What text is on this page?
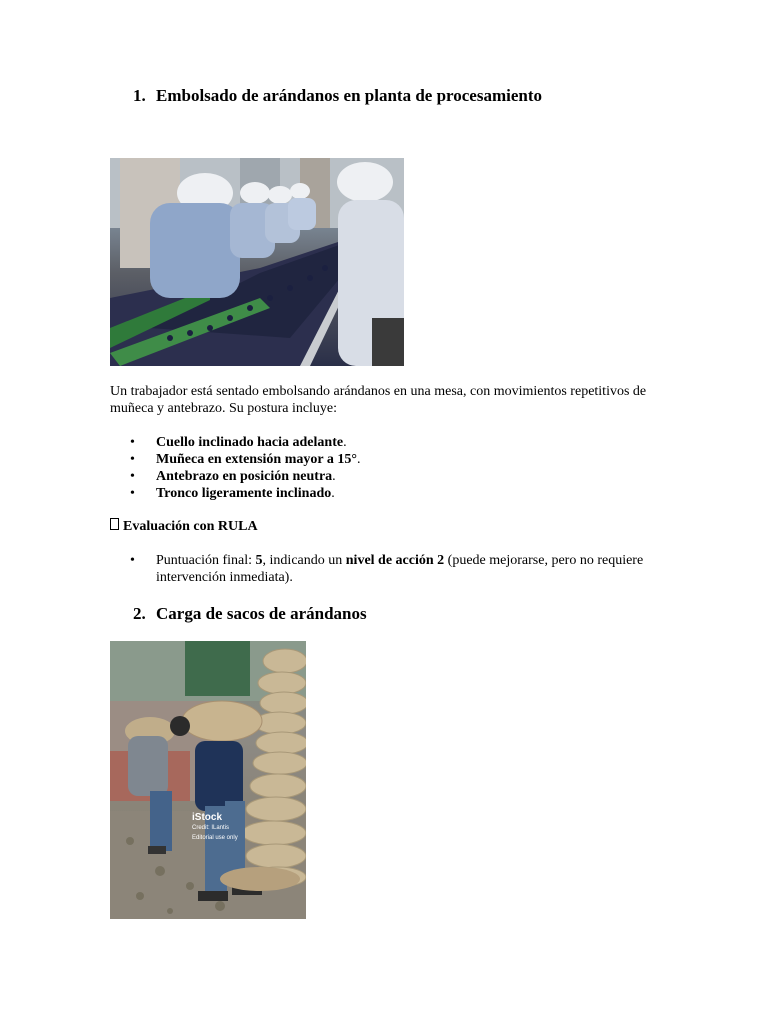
1. Embolsado de arándanos en planta de procesamiento
Un trabajador está sentado embolsando arándanos en una mesa, con movimientos repetitivos de muñeca y antebrazo. Su postura incluye:
•	Cuello inclinado hacia adelante.
•	Muñeca en extensión mayor a 15°.
•	Antebrazo en posición neutra.
•	Tronco ligeramente inclinado.
Evaluación con RULA
•	Puntuación final: 5, indicando un nivel de acción 2 (puede mejorarse, pero no requiere intervención inmediata).
2. Carga de sacos de arándanos
iStock
Credit: ILantis
Editorial use only
